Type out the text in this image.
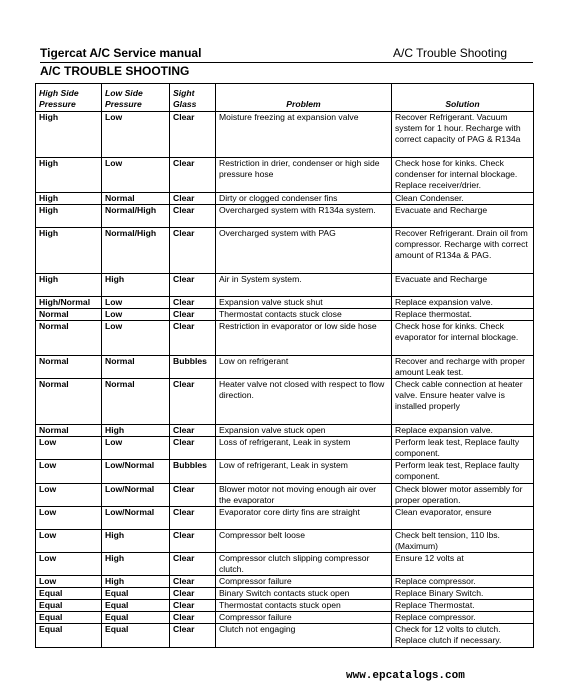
Tigercat A/C Service manual	A/C Trouble Shooting
A/C TROUBLE SHOOTING
High Side Pressure	Low Side Pressure	Sight Glass	Problem	Solution
High	Low	Clear	Moisture freezing at expansion valve	Recover Refrigerant. Vacuum system for 1 hour. Recharge with correct capacity of PAG & R134a
High	Low	Clear	Restriction in drier, condenser or high side pressure hose	Check hose for kinks. Check condenser for internal blockage. Replace receiver/drier.
High	Normal	Clear	Dirty or clogged condenser fins	Clean Condenser.
High	Normal/High	Clear	Overcharged system with R134a system.	Evacuate and Recharge
High	Normal/High	Clear	Overcharged system with PAG	Recover Refrigerant. Drain oil from compressor. Recharge with correct amount of R134a & PAG.
High	High	Clear	Air in System system.	Evacuate and Recharge
High/Normal	Low	Clear	Expansion valve stuck shut	Replace expansion valve.
Normal	Low	Clear	Thermostat contacts stuck close	Replace thermostat.
Normal	Low	Clear	Restriction in evaporator or low side hose	Check hose for kinks. Check evaporator for internal blockage.
Normal	Normal	Bubbles	Low on refrigerant	Recover and recharge with proper amount Leak test.
Normal	Normal	Clear	Heater valve not closed with respect to flow direction.	Check cable connection at heater valve. Ensure heater valve is installed properly
Normal	High	Clear	Expansion valve stuck open	Replace expansion valve.
Low	Low	Clear	Loss of refrigerant, Leak in system	Perform leak test, Replace faulty component.
Low	Low/Normal	Bubbles	Low of refrigerant, Leak in system	Perform leak test, Replace faulty component.
Low	Low/Normal	Clear	Blower motor not moving enough air over the evaporator	Check blower motor assembly for proper operation.
Low	Low/Normal	Clear	Evaporator core dirty fins are straight	Clean evaporator, ensure
Low	High	Clear	Compressor belt loose	Check belt tension, 110 lbs. (Maximum)
Low	High	Clear	Compressor clutch slipping compressor clutch.	Ensure 12 volts at
Low	High	Clear	Compressor failure	Replace compressor.
Equal	Equal	Clear	Binary Switch contacts stuck open	Replace Binary Switch.
Equal	Equal	Clear	Thermostat contacts stuck open	Replace Thermostat.
Equal	Equal	Clear	Compressor failure	Replace compressor.
Equal	Equal	Clear	Clutch not engaging	Check for 12 volts to clutch. Replace clutch if necessary.
www.epcatalogs.com
